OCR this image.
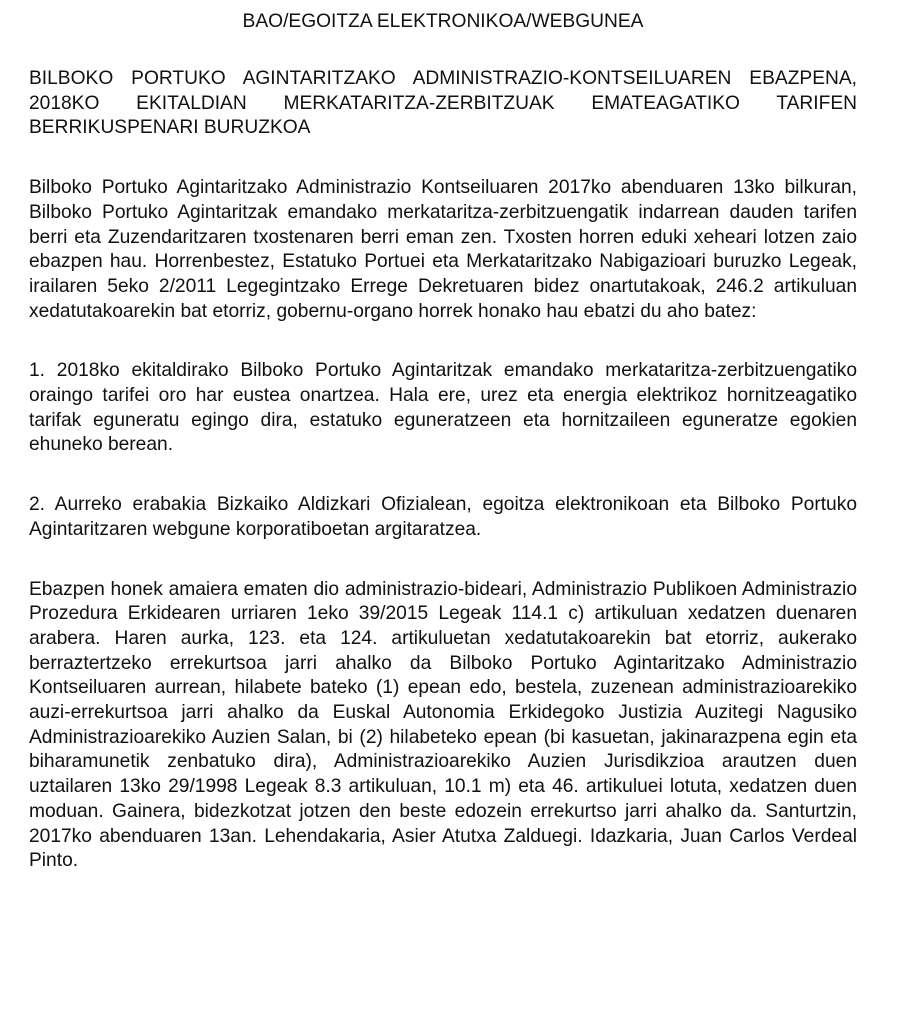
BAO/EGOITZA ELEKTRONIKOA/WEBGUNEA
BILBOKO PORTUKO AGINTARITZAKO ADMINISTRAZIO-KONTSEILUAREN EBAZPENA, 2018KO EKITALDIAN MERKATARITZA-ZERBITZUAK EMATEAGATIKO TARIFEN BERRIKUSPENARI BURUZKOA

Bilboko Portuko Agintaritzako Administrazio Kontseiluaren 2017ko abenduaren 13ko bilkuran, Bilboko Portuko Agintaritzak emandako merkataritza-zerbitzuengatik indarrean dauden tarifen berri eta Zuzendaritzaren txostenaren berri eman zen. Txosten horren eduki xeheari lotzen zaio ebazpen hau. Horrenbestez, Estatuko Portuei eta Merkataritzako Nabigazioari buruzko Legeak, irailaren 5eko 2/2011 Legegintzako Errege Dekretuaren bidez onartutakoak, 246.2 artikuluan xedatutakoarekin bat etorriz, gobernu-organo horrek honako hau ebatzi du aho batez:

1. 2018ko ekitaldirako Bilboko Portuko Agintaritzak emandako merkataritza-zerbitzuengatiko oraingo tarifei oro har eustea onartzea. Hala ere, urez eta energia elektrikoz hornitzeagatiko tarifak eguneratu egingo dira, estatuko eguneratzeen eta hornitzaileen eguneratze egokien ehuneko berean.

2. Aurreko erabakia Bizkaiko Aldizkari Ofizialean, egoitza elektronikoan eta Bilboko Portuko Agintaritzaren webgune korporatiboetan argitaratzea.

Ebazpen honek amaiera ematen dio administrazio-bideari, Administrazio Publikoen Administrazio Prozedura Erkidearen urriaren 1eko 39/2015 Legeak 114.1 c) artikuluan xedatzen duenaren arabera. Haren aurka, 123. eta 124. artikuluetan xedatutakoarekin bat etorriz, aukerako berraztertzeko errekurtsoa jarri ahalko da Bilboko Portuko Agintaritzako Administrazio Kontseiluaren aurrean, hilabete bateko (1) epean edo, bestela, zuzenean administrazioarekiko auzi-errekurtsoa jarri ahalko da Euskal Autonomia Erkidegoko Justizia Auzitegi Nagusiko Administrazioarekiko Auzien Salan, bi (2) hilabeteko epean (bi kasuetan, jakinarazpena egin eta biharamunetik zenbatuko dira), Administrazioarekiko Auzien Jurisdikzioa arautzen duen uztailaren 13ko 29/1998 Legeak 8.3 artikuluan, 10.1 m) eta 46. artikuluei lotuta, xedatzen duen moduan. Gainera, bidezkotzat jotzen den beste edozein errekurtso jarri ahalko da. Santurtzin, 2017ko abenduaren 13an. Lehendakaria, Asier Atutxa Zalduegi. Idazkaria, Juan Carlos Verdeal Pinto.
